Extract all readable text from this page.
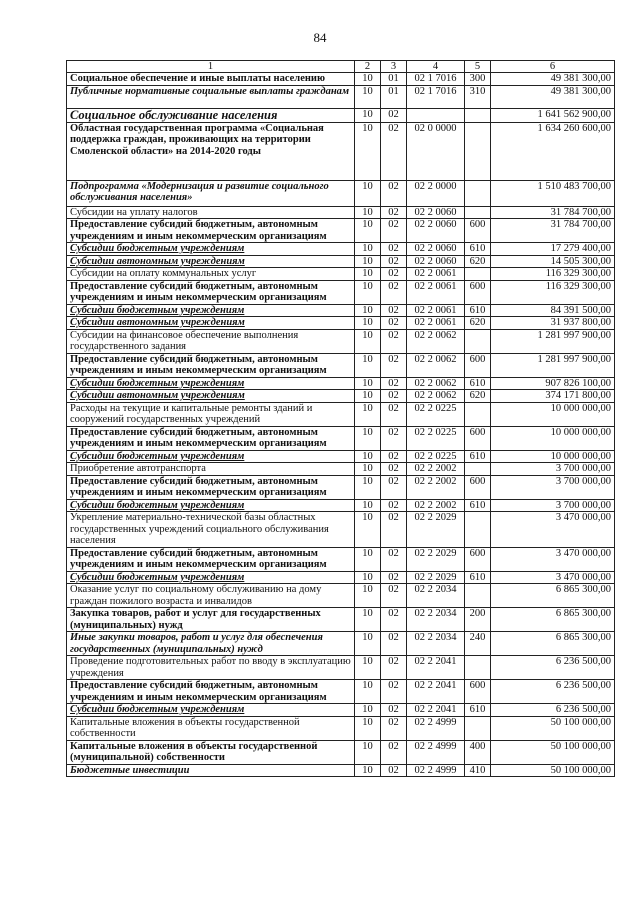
84
1	2	3	4	5	6
Социальное обеспечение и иные выплаты населению	10	01	02 1 7016	300	49 381 300,00
Публичные нормативные социальные выплаты гражданам	10	01	02 1 7016	310	49 381 300,00
Социальное обслуживание населения	10	02			1 641 562 900,00
Областная государственная программа «Социальная поддержка граждан, проживающих на территории Смоленской области» на 2014-2020 годы	10	02	02 0 0000		1 634 260 600,00
Подпрограмма «Модернизация и развитие социального обслуживания населения»	10	02	02 2 0000		1 510 483 700,00
Субсидии на уплату налогов	10	02	02 2 0060		31 784 700,00
Предоставление субсидий бюджетным, автономным учреждениям и иным некоммерческим организациям	10	02	02 2 0060	600	31 784 700,00
Субсидии бюджетным учреждениям	10	02	02 2 0060	610	17 279 400,00
Субсидии автономным учреждениям	10	02	02 2 0060	620	14 505 300,00
Субсидии на оплату коммунальных услуг	10	02	02 2 0061		116 329 300,00
Предоставление субсидий бюджетным, автономным учреждениям и иным некоммерческим организациям	10	02	02 2 0061	600	116 329 300,00
Субсидии бюджетным учреждениям	10	02	02 2 0061	610	84 391 500,00
Субсидии автономным учреждениям	10	02	02 2 0061	620	31 937 800,00
Субсидии на финансовое обеспечение выполнения государственного задания	10	02	02 2 0062		1 281 997 900,00
Предоставление субсидий бюджетным, автономным учреждениям и иным некоммерческим организациям	10	02	02 2 0062	600	1 281 997 900,00
Субсидии бюджетным учреждениям	10	02	02 2 0062	610	907 826 100,00
Субсидии автономным учреждениям	10	02	02 2 0062	620	374 171 800,00
Расходы на текущие и капитальные ремонты зданий и сооружений государственных учреждений	10	02	02 2 0225		10 000 000,00
Предоставление субсидий бюджетным, автономным учреждениям и иным некоммерческим организациям	10	02	02 2 0225	600	10 000 000,00
Субсидии бюджетным учреждениям	10	02	02 2 0225	610	10 000 000,00
Приобретение автотранспорта	10	02	02 2 2002		3 700 000,00
Предоставление субсидий бюджетным, автономным учреждениям и иным некоммерческим организациям	10	02	02 2 2002	600	3 700 000,00
Субсидии бюджетным учреждениям	10	02	02 2 2002	610	3 700 000,00
Укрепление материально-технической базы областных государственных учреждений социального обслуживания населения	10	02	02 2 2029		3 470 000,00
Предоставление субсидий бюджетным, автономным учреждениям и иным некоммерческим организациям	10	02	02 2 2029	600	3 470 000,00
Субсидии бюджетным учреждениям	10	02	02 2 2029	610	3 470 000,00
Оказание услуг по социальному обслуживанию на дому граждан пожилого возраста и инвалидов	10	02	02 2 2034		6 865 300,00
Закупка товаров, работ и услуг для государственных (муниципальных) нужд	10	02	02 2 2034	200	6 865 300,00
Иные закупки товаров, работ и услуг для обеспечения государственных (муниципальных) нужд	10	02	02 2 2034	240	6 865 300,00
Проведение подготовительных работ по вводу в эксплуатацию учреждения	10	02	02 2 2041		6 236 500,00
Предоставление субсидий бюджетным, автономным учреждениям и иным некоммерческим организациям	10	02	02 2 2041	600	6 236 500,00
Субсидии бюджетным учреждениям	10	02	02 2 2041	610	6 236 500,00
Капитальные вложения в объекты государственной собственности	10	02	02 2 4999		50 100 000,00
Капитальные вложения в объекты государственной (муниципальной) собственности	10	02	02 2 4999	400	50 100 000,00
Бюджетные инвестиции	10	02	02 2 4999	410	50 100 000,00
